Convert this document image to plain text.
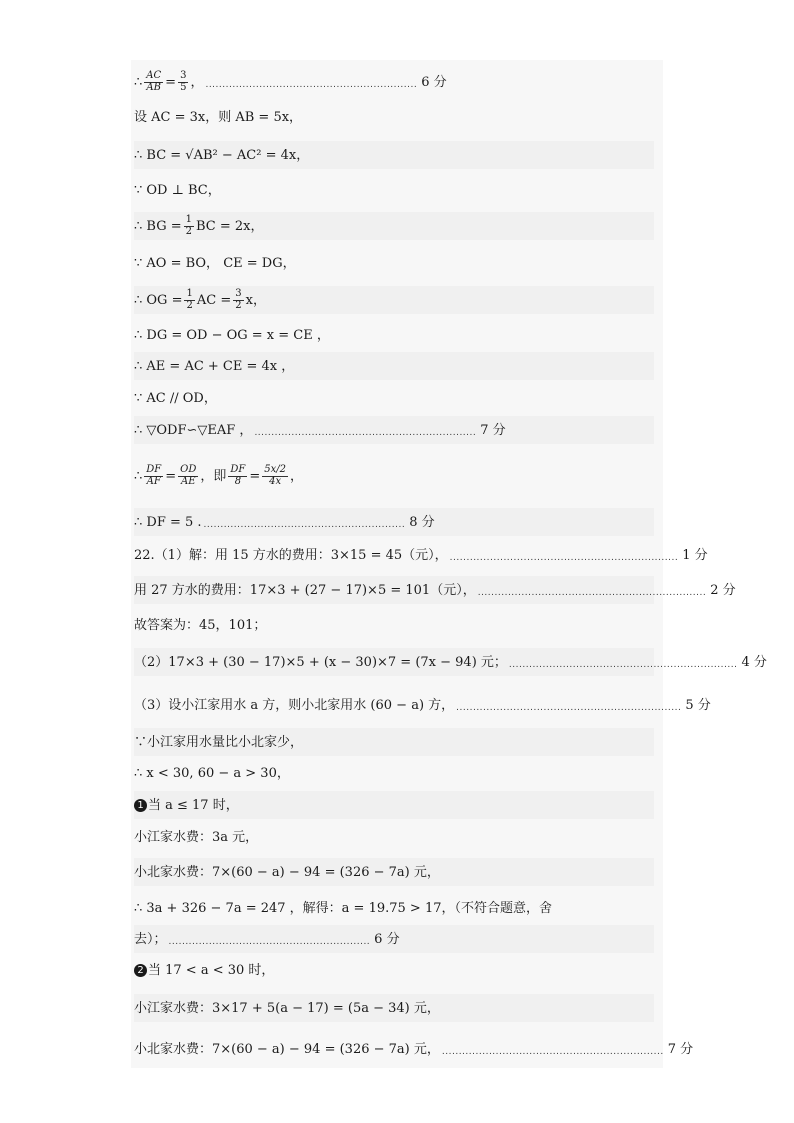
∴ $\frac{AC}{AB} = \frac{3}{5}$ ， ............................................................... 6 分
设 AC = 3x，则 AB = 5x，
∴ BC = √AB² − AC² = 4x，
∵ OD ⊥ BC，
∴ BG = $\frac{1}{2}$ BC = 2x，
∵ AO = BO， CE = DG，
∴ OG = $\frac{1}{2}$ AC = $\frac{3}{2}$ x，
∴ DG = OD − OG = x = CE ，
∴ AE = AC + CE = 4x ，
∵ AC // OD，
∴ ▽ODF∽▽EAF ， .................................................................. 7 分
∴ $\frac{DF}{AF} = \frac{OD}{AE}$ ，即 $\frac{DF}{8} = \frac{5x/2}{4x}$ ，
∴ DF = 5 . ............................................................ 8 分
22.（1）解：用 15 方水的费用：3×15 = 45（元）， .................................................................... 1 分
用 27 方水的费用：17×3 + (27 − 17)×5 = 101（元）， .................................................................... 2 分
故答案为：45，101；
（2）17×3 + (30 − 17)×5 + (x − 30)×7 = (7x − 94) 元； .................................................................... 4 分
（3）设小江家用水 a 方，则小北家用水 (60 − a) 方， ................................................................... 5 分
∵小江家用水量比小北家少，
∴ x < 30, 60 − a > 30，
1 当 a ≤ 17 时，
小江家水费：3a 元，
小北家水费：7×(60 − a) − 94 = (326 − 7a) 元，
∴ 3a + 326 − 7a = 247 ，解得：a = 19.75 > 17，（不符合题意，舍
去）； ............................................................ 6 分
2 当 17 < a < 30 时，
小江家水费：3×17 + 5(a − 17) = (5a − 34) 元，
小北家水费：7×(60 − a) − 94 = (326 − 7a) 元， .................................................................. 7 分
